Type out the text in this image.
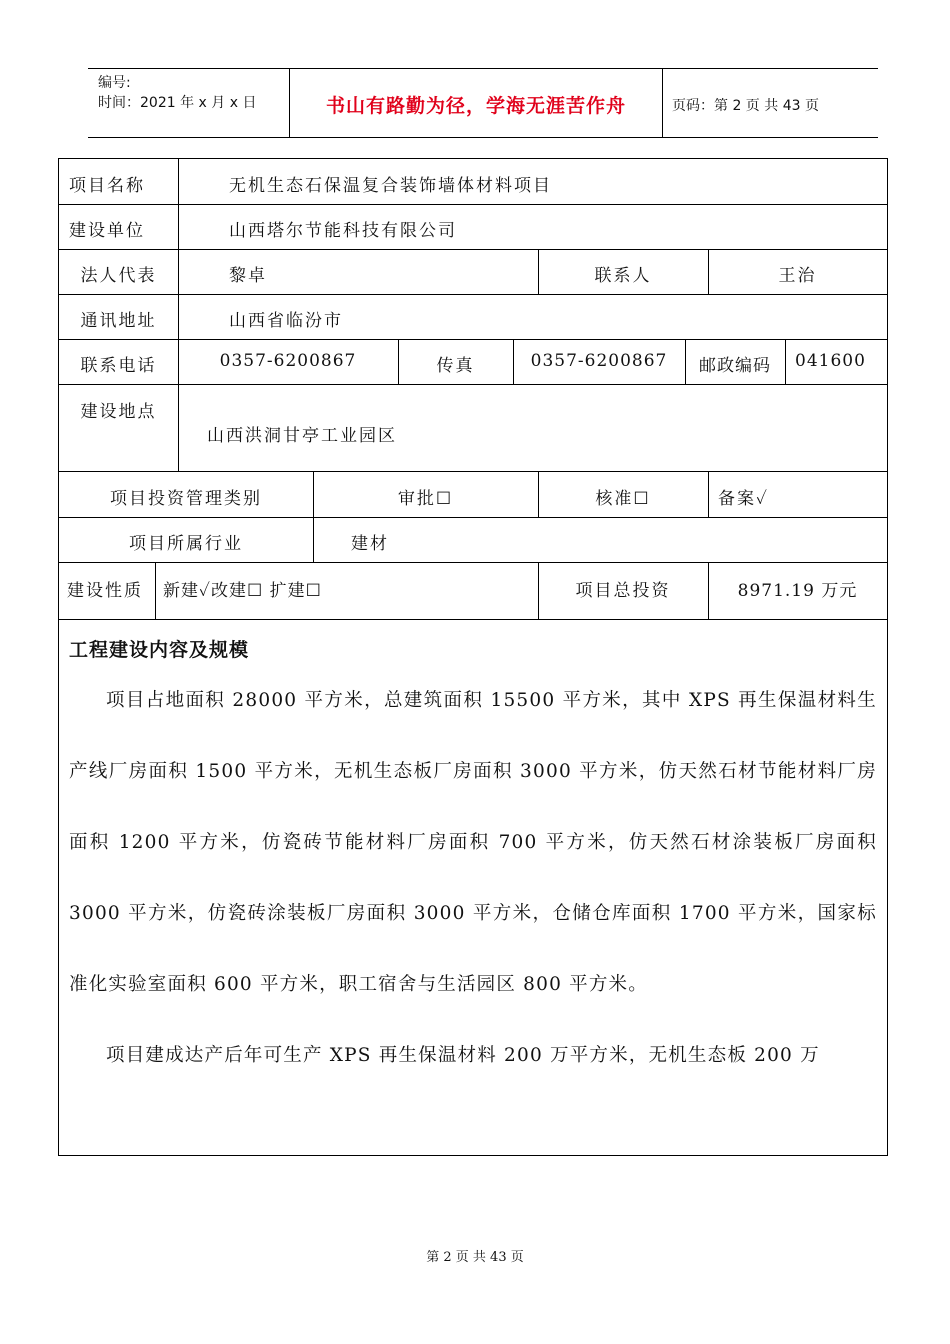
编号:
时间：2021 年 x 月 x 日	书山有路勤为径，学海无涯苦作舟	页码：第 2 页 共 43 页
项目名称	无机生态石保温复合装饰墙体材料项目
建设单位	山西塔尔节能科技有限公司
法人代表	黎卓	联系人	王治
通讯地址	山西省临汾市
联系电话	0357-6200867	传真	0357-6200867	邮政编码	041600
建设地点
山西洪洞甘亭工业园区
项目投资管理类别	审批☐	核准☐	备案✓
项目所属行业	建材
建设性质 新建✓改建☐ 扩建☐	项目总投资	8971.19 万元
工程建设内容及规模

项目占地面积 28000 平方米，总建筑面积 15500 平方米，其中 XPS 再生保温材料生产线厂房面积 1500 平方米，无机生态板厂房面积 3000 平方米，仿天然石材节能材料厂房面积 1200 平方米，仿瓷砖节能材料厂房面积 700 平方米，仿天然石材涂装板厂房面积 3000 平方米，仿瓷砖涂装板厂房面积 3000 平方米，仓储仓库面积 1700 平方米，国家标准化实验室面积 600 平方米，职工宿舍与生活园区 800 平方米。

项目建成达产后年可生产 XPS 再生保温材料 200 万平方米，无机生态板 200 万

第 2 页 共 43 页
